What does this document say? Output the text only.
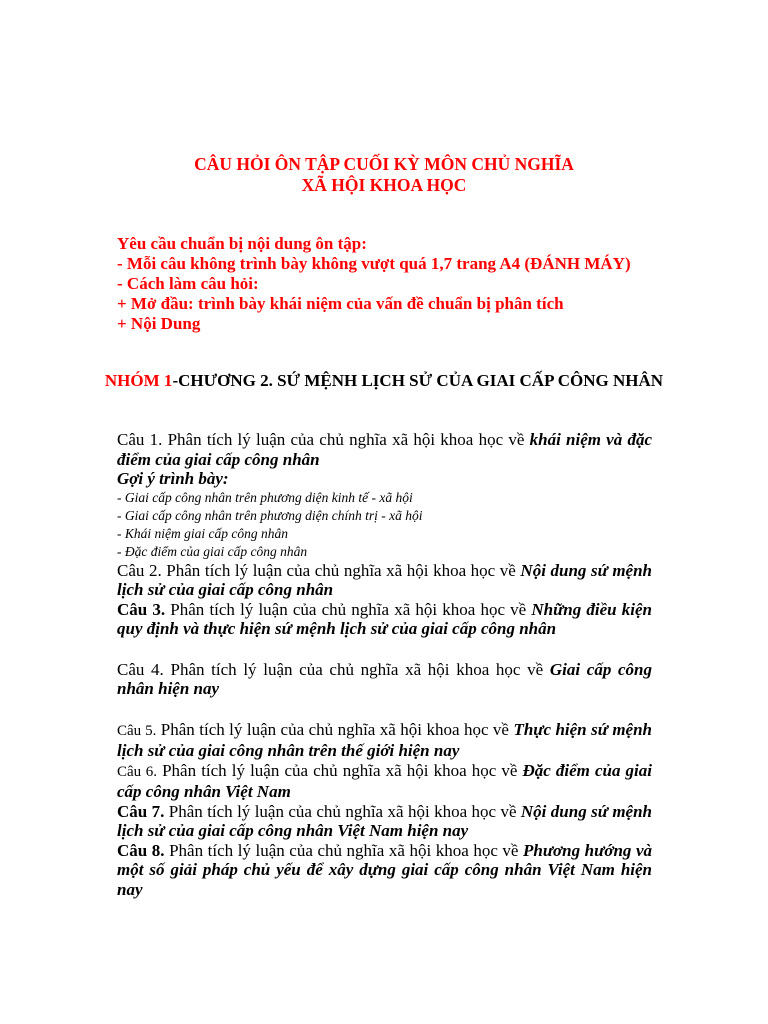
CÂU HỎI ÔN TẬP CUỐI KỲ MÔN CHỦ NGHĨA
XÃ HỘI KHOA HỌC

Yêu cầu chuẩn bị nội dung ôn tập:

- Mỗi câu không trình bày không vượt quá 1,7 trang A4 (ĐÁNH MÁY)

- Cách làm câu hỏi:

+ Mở đầu: trình bày khái niệm của vấn đề chuẩn bị phân tích

+ Nội Dung

NHÓM 1-CHƯƠNG 2. SỨ MỆNH LỊCH SỬ CỦA GIAI CẤP CÔNG NHÂN

Câu 1. Phân tích lý luận của chủ nghĩa xã hội khoa học về khái niệm và đặc điểm của giai cấp công nhân

Gợi ý trình bày:

- Giai cấp công nhân trên phương diện kinh tế - xã hội

- Giai cấp công nhân trên phương diện chính trị - xã hội

- Khái niệm giai cấp công nhân

- Đặc điểm của giai cấp công nhân

Câu 2. Phân tích lý luận của chủ nghĩa xã hội khoa học về Nội dung sứ mệnh lịch sử của giai cấp công nhân

Câu 3. Phân tích lý luận của chủ nghĩa xã hội khoa học về Những điều kiện quy định và thực hiện sứ mệnh lịch sử của giai cấp công nhân

Câu 4. Phân tích lý luận của chủ nghĩa xã hội khoa học về Giai cấp công nhân hiện nay

Câu 5. Phân tích lý luận của chủ nghĩa xã hội khoa học về Thực hiện sứ mệnh lịch sử của giai công nhân trên thế giới hiện nay

Câu 6. Phân tích lý luận của chủ nghĩa xã hội khoa học về Đặc điểm của giai cấp công nhân Việt Nam

Câu 7. Phân tích lý luận của chủ nghĩa xã hội khoa học về Nội dung sứ mệnh lịch sử của giai cấp công nhân Việt Nam hiện nay

Câu 8. Phân tích lý luận của chủ nghĩa xã hội khoa học về Phương hướng và một số giải pháp chủ yếu để xây dựng giai cấp công nhân Việt Nam hiện nay
